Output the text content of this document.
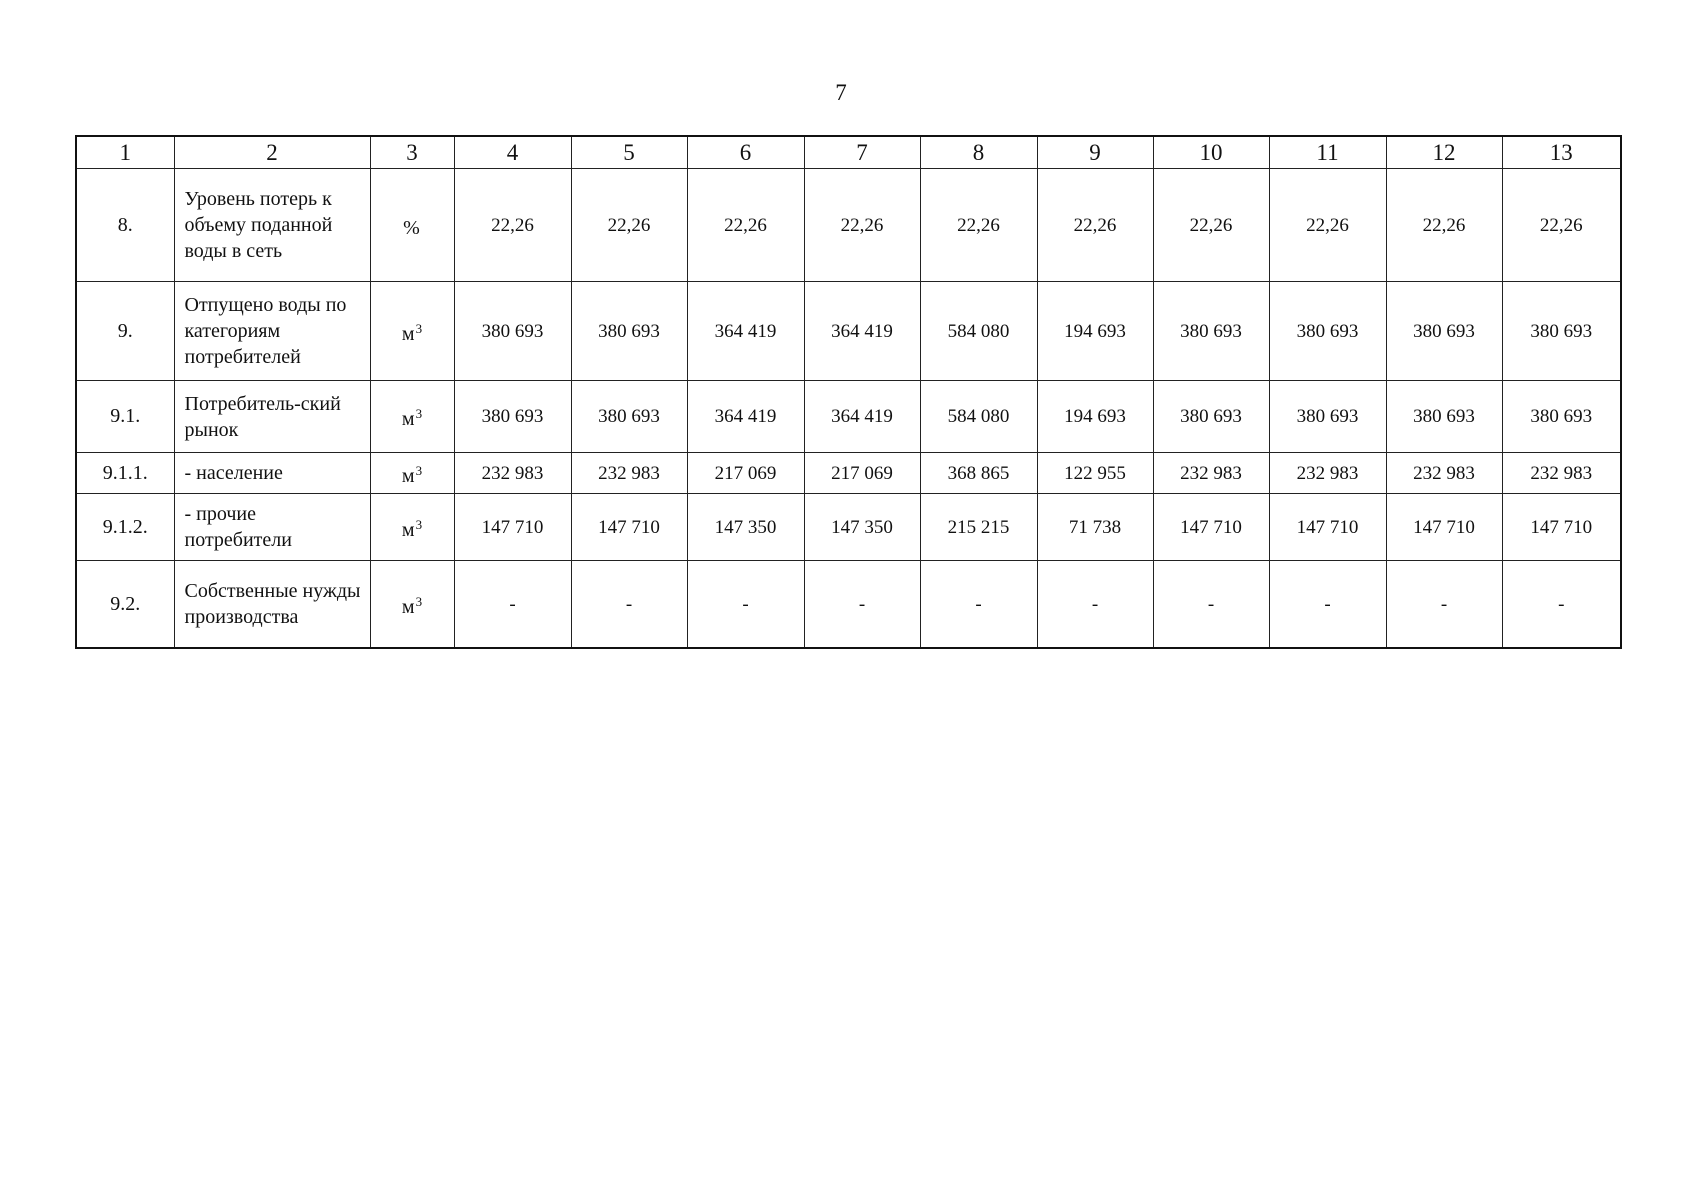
7
1	2	3	4	5	6	7	8	9	10	11	12	13
8.	Уровень потерь к объему поданной воды в сеть	%	22,26	22,26	22,26	22,26	22,26	22,26	22,26	22,26	22,26	22,26
9.	Отпущено воды по категориям потребителей	$м^3$	380 693	380 693	364 419	364 419	584 080	194 693	380 693	380 693	380 693	380 693
9.1.	Потребитель-ский рынок	$м^3$	380 693	380 693	364 419	364 419	584 080	194 693	380 693	380 693	380 693	380 693
9.1.1.	- население	$м^3$	232 983	232 983	217 069	217 069	368 865	122 955	232 983	232 983	232 983	232 983
9.1.2.	- прочие потребители	$м^3$	147 710	147 710	147 350	147 350	215 215	71 738	147 710	147 710	147 710	147 710
9.2.	Собственные нужды производства	$м^3$	-	-	-	-	-	-	-	-	-	-
